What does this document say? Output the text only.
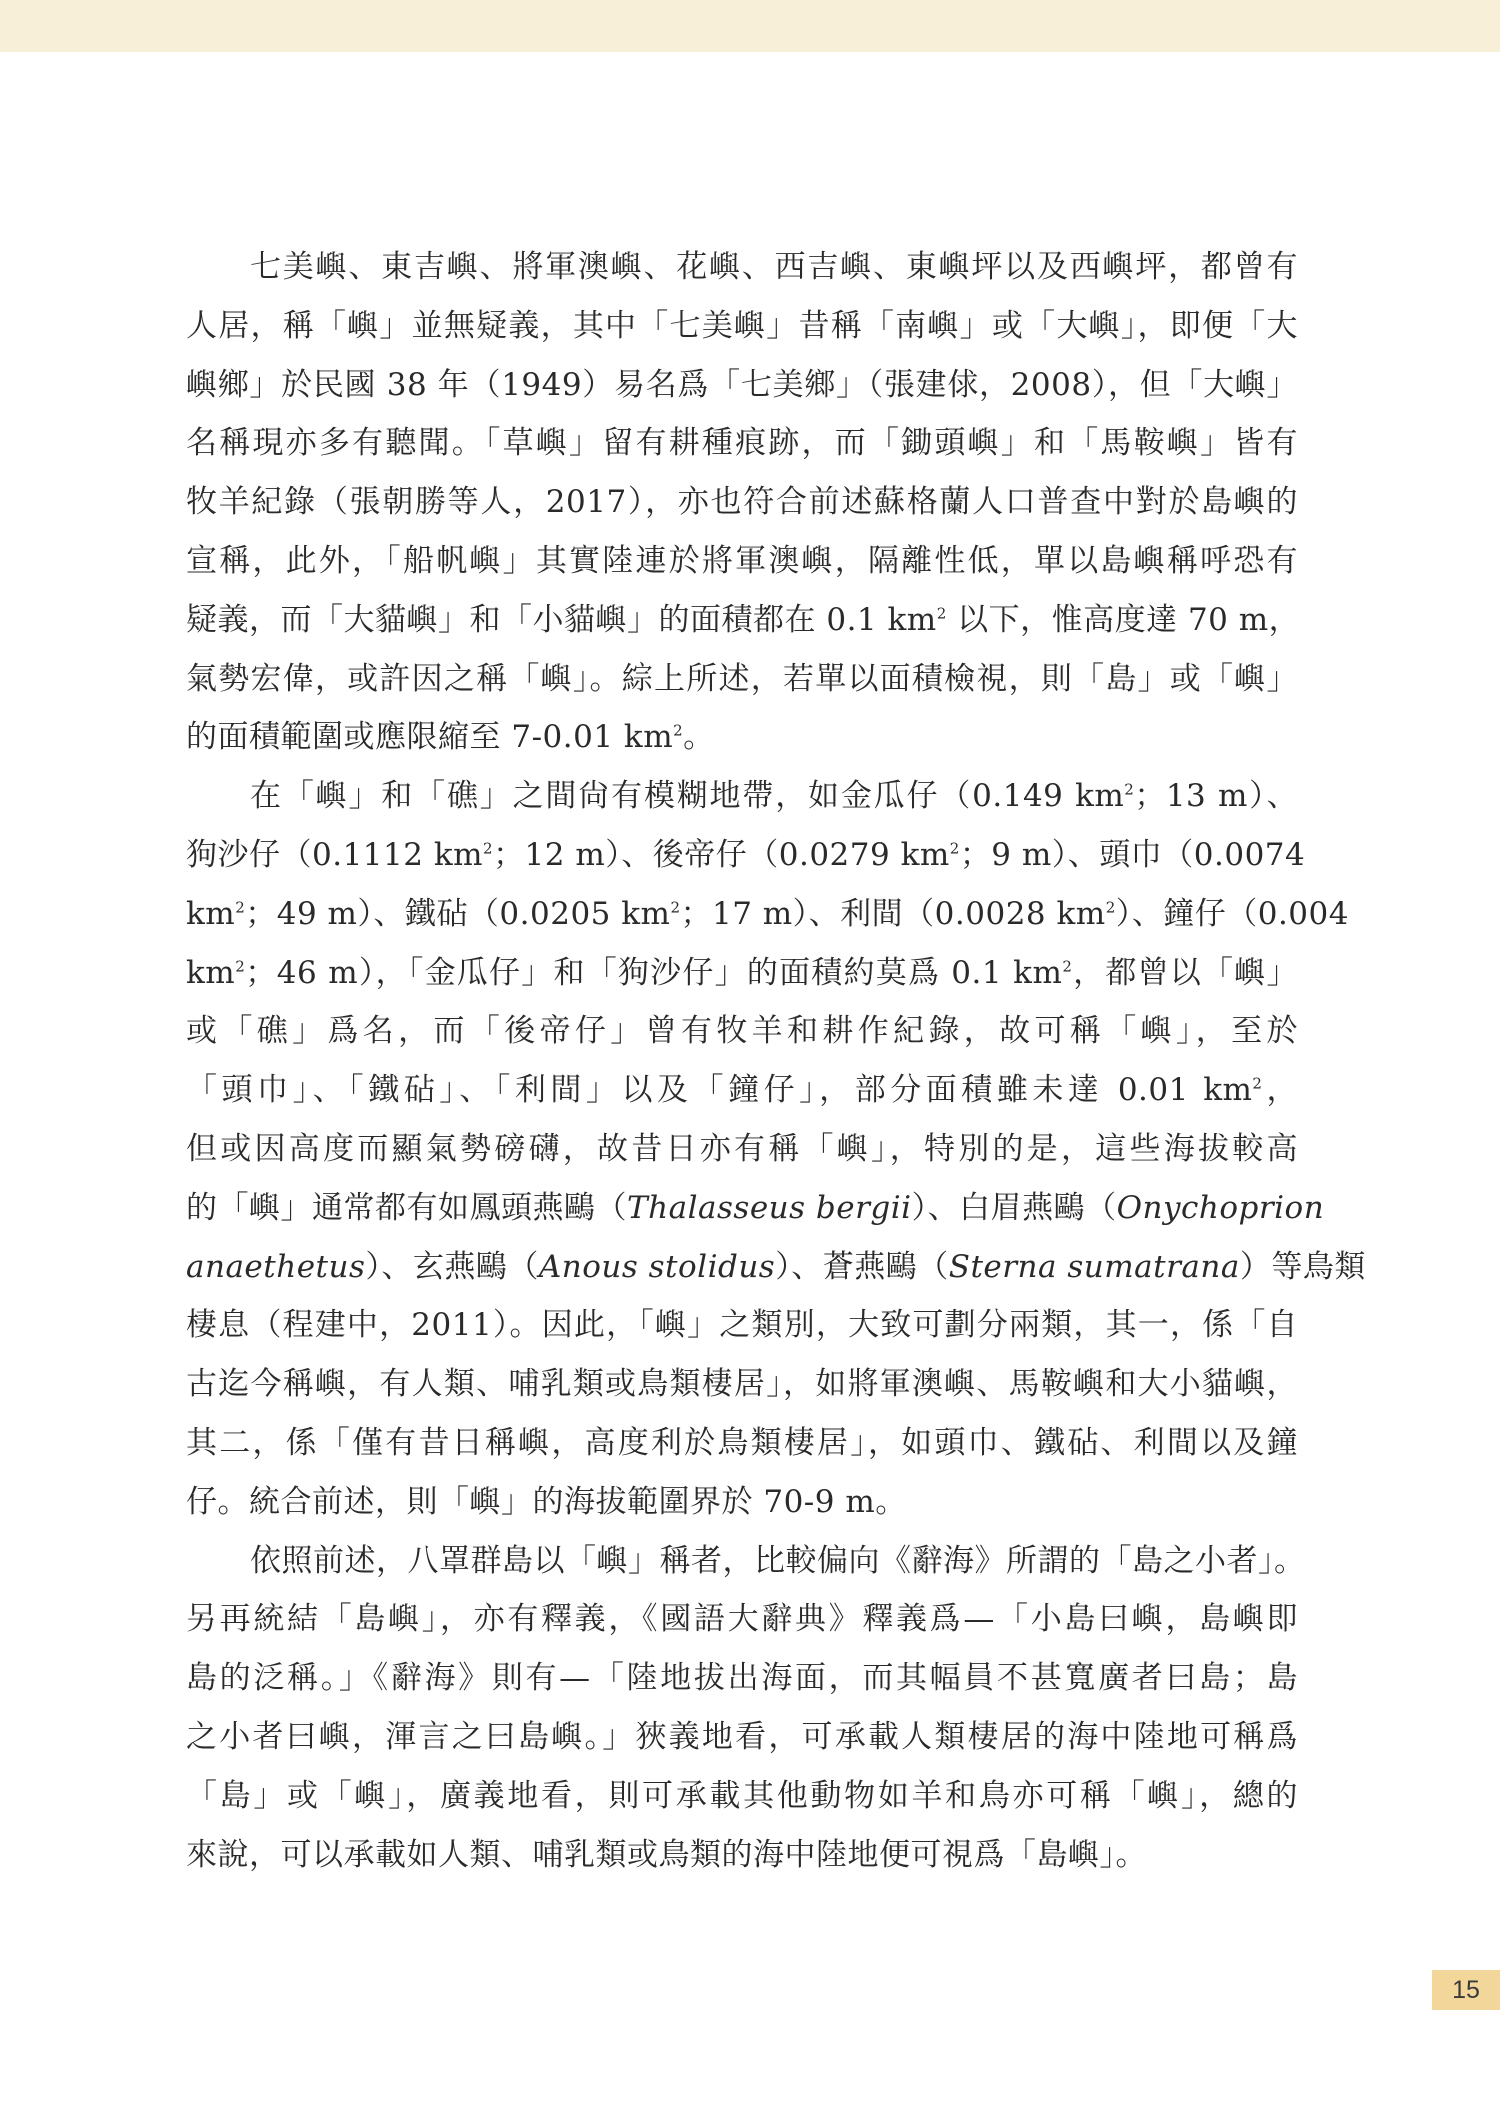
七美嶼、東吉嶼、將軍澳嶼、花嶼、西吉嶼、東嶼坪以及西嶼坪，都曾有
人居，稱「嶼」並無疑義，其中「七美嶼」昔稱「南嶼」或「大嶼」，即便「大
嶼鄉」於民國 38 年（1949）易名爲「七美鄉」（張建俅，2008），但「大嶼」
名稱現亦多有聽聞。「草嶼」留有耕種痕跡，而「鋤頭嶼」和「馬鞍嶼」皆有
牧羊紀錄（張朝勝等人，2017），亦也符合前述蘇格蘭人口普查中對於島嶼的
宣稱，此外，「船帆嶼」其實陸連於將軍澳嶼，隔離性低，單以島嶼稱呼恐有
疑義，而「大貓嶼」和「小貓嶼」的面積都在 0.1 $km^2$ 以下，惟高度達 70 m，
氣勢宏偉，或許因之稱「嶼」。綜上所述，若單以面積檢視，則「島」或「嶼」
的面積範圍或應限縮至 7-0.01 $km^2$。
在「嶼」和「礁」之間尙有模糊地帶，如金瓜仔（0.149 $km^2$；13 m）、
狗沙仔（0.1112 $km^2$；12 m）、後帝仔（0.0279 $km^2$；9 m）、頭巾（0.0074
$km^2$；49 m）、鐵砧（0.0205 $km^2$；17 m）、利間（0.0028 $km^2$）、鐘仔（0.004
$km^2$；46 m），「金瓜仔」和「狗沙仔」的面積約莫爲 0.1 $km^2$，都曾以「嶼」
或「礁」爲名，而「後帝仔」曾有牧羊和耕作紀錄，故可稱「嶼」，至於
「頭巾」、「鐵砧」、「利間」以及「鐘仔」，部分面積雖未達 0.01 $km^2$，
但或因高度而顯氣勢磅礴，故昔日亦有稱「嶼」，特別的是，這些海拔較高
的「嶼」通常都有如鳳頭燕鷗（Thalasseus bergii）、白眉燕鷗（Onychoprion
anaethetus）、玄燕鷗（Anous stolidus）、蒼燕鷗（Sterna sumatrana）等鳥類
棲息（程建中，2011）。因此，「嶼」之類別，大致可劃分兩類，其一，係「自
古迄今稱嶼，有人類、哺乳類或鳥類棲居」，如將軍澳嶼、馬鞍嶼和大小貓嶼，
其二，係「僅有昔日稱嶼，高度利於鳥類棲居」，如頭巾、鐵砧、利間以及鐘
仔。統合前述，則「嶼」的海拔範圍界於 70-9 m。
依照前述，八罩群島以「嶼」稱者，比較偏向《辭海》所謂的「島之小者」。
另再統結「島嶼」，亦有釋義，《國語大辭典》釋義爲—「小島曰嶼，島嶼即
島的泛稱。」《辭海》則有—「陸地拔出海面，而其幅員不甚寬廣者曰島；島
之小者曰嶼，渾言之曰島嶼。」狹義地看，可承載人類棲居的海中陸地可稱爲
「島」或「嶼」，廣義地看，則可承載其他動物如羊和鳥亦可稱「嶼」，總的
來說，可以承載如人類、哺乳類或鳥類的海中陸地便可視爲「島嶼」。
15
